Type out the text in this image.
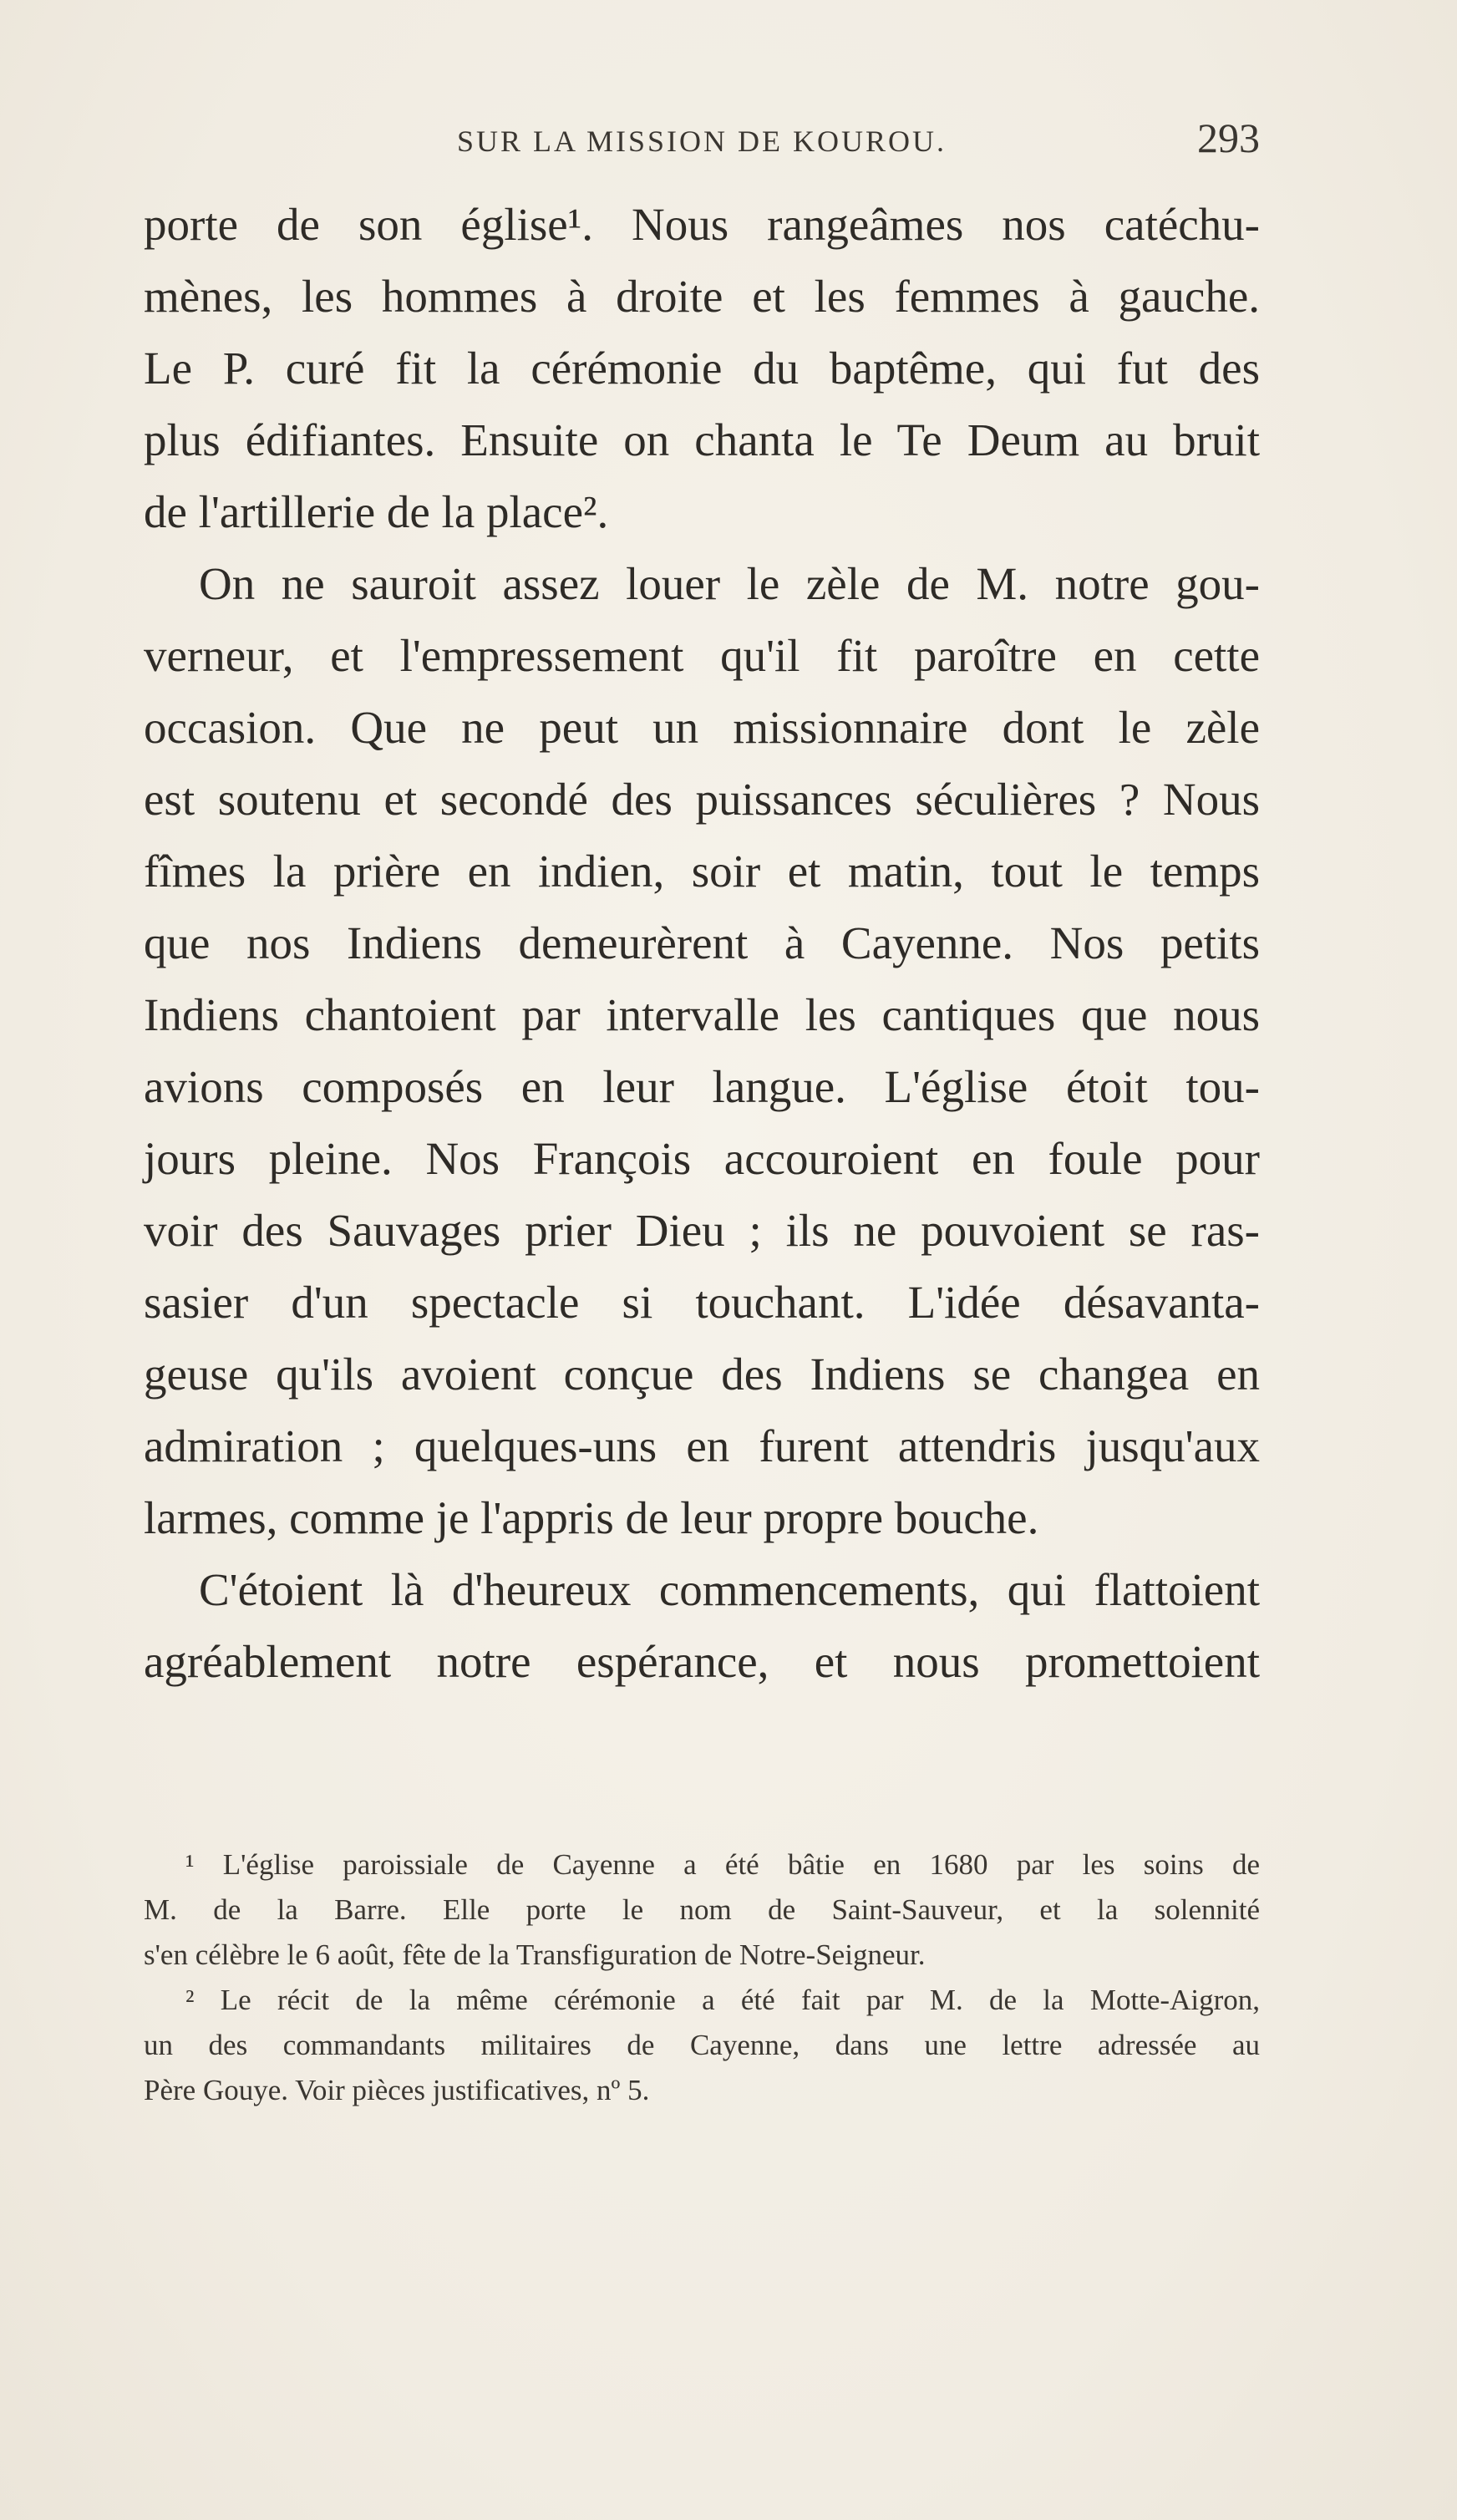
SUR LA MISSION DE KOUROU.	293
porte de son église¹. Nous rangeâmes nos catéchu-
mènes, les hommes à droite et les femmes à gauche.
Le P. curé fit la cérémonie du baptême, qui fut des
plus édifiantes. Ensuite on chanta le Te Deum au bruit
de l'artillerie de la place².
On ne sauroit assez louer le zèle de M. notre gou-
verneur, et l'empressement qu'il fit paroître en cette
occasion. Que ne peut un missionnaire dont le zèle
est soutenu et secondé des puissances séculières ? Nous
fîmes la prière en indien, soir et matin, tout le temps
que nos Indiens demeurèrent à Cayenne. Nos petits
Indiens chantoient par intervalle les cantiques que nous
avions composés en leur langue. L'église étoit tou-
jours pleine. Nos François accouroient en foule pour
voir des Sauvages prier Dieu ; ils ne pouvoient se ras-
sasier d'un spectacle si touchant. L'idée désavanta-
geuse qu'ils avoient conçue des Indiens se changea en
admiration ; quelques-uns en furent attendris jusqu'aux
larmes, comme je l'appris de leur propre bouche.
C'étoient là d'heureux commencements, qui flattoient
agréablement notre espérance, et nous promettoient
¹ L'église paroissiale de Cayenne a été bâtie en 1680 par les soins de
M. de la Barre. Elle porte le nom de Saint-Sauveur, et la solennité
s'en célèbre le 6 août, fête de la Transfiguration de Notre-Seigneur.
² Le récit de la même cérémonie a été fait par M. de la Motte-Aigron,
un des commandants militaires de Cayenne, dans une lettre adressée au
Père Gouye. Voir pièces justificatives, nº 5.
